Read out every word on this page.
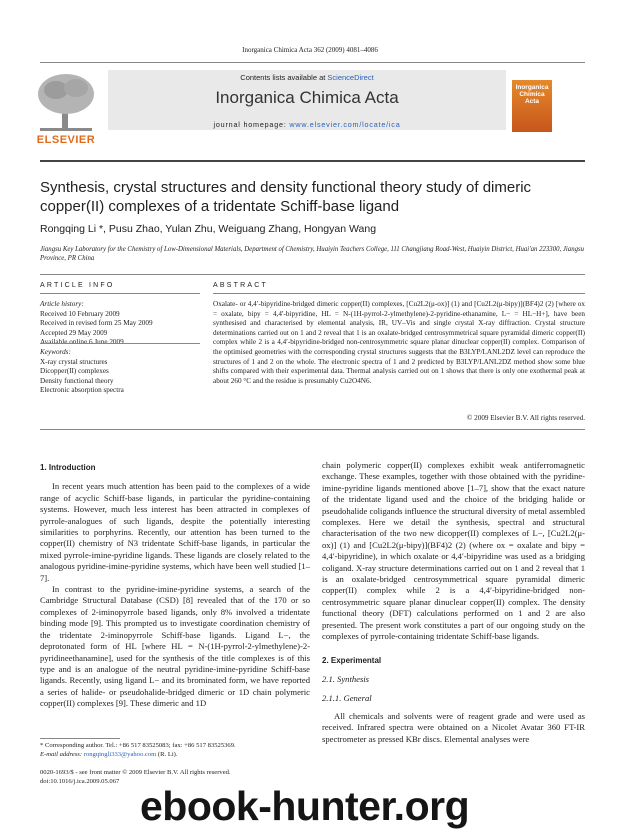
Inorganica Chimica Acta 362 (2009) 4081–4086
ELSEVIER
Contents lists available at ScienceDirect
Inorganica Chimica Acta
journal homepage: www.elsevier.com/locate/ica
Inorganica Chimica Acta
Synthesis, crystal structures and density functional theory study of dimeric copper(II) complexes of a tridentate Schiff-base ligand
Rongqing Li *, Pusu Zhao, Yulan Zhu, Weiguang Zhang, Hongyan Wang
Jiangsu Key Laboratory for the Chemistry of Low-Dimensional Materials, Department of Chemistry, Huaiyin Teachers College, 111 Changjiang Road-West, Huaiyin District, Huai'an 223300, Jiangsu Province, PR China
ARTICLE INFO	ABSTRACT
Article history:
Received 10 February 2009
Received in revised form 25 May 2009
Accepted 29 May 2009
Available online 6 June 2009
Keywords:
X-ray crystal structures
Dicopper(II) complexes
Density functional theory
Electronic absorption spectra
Oxalate- or 4,4′-bipyridine-bridged dimeric copper(II) complexes, [Cu2L2(μ-ox)] (1) and [Cu2L2(μ-bipy)](BF4)2 (2) [where ox = oxalate, bipy = 4,4′-bipyridine, HL = N-(1H-pyrrol-2-ylmethylene)-2-pyridine-ethanamine, L− = HL−H+], have been synthesised and characterised by elemental analysis, IR, UV–Vis and single crystal X-ray diffraction. Crystal structure determinations carried out on 1 and 2 reveal that 1 is an oxalate-bridged centrosymmetrical square pyramidal dimeric copper(II) complex while 2 is a 4,4′-bipyridine-bridged non-centrosymmetric square planar dinuclear copper(II) complex. Comparison of the optimised geometries with the corresponding crystal structures suggests that the B3LYP/LANL2DZ level can reproduce the structures of 1 and 2 on the whole. The electronic spectra of 1 and 2 predicted by B3LYP/LANL2DZ method show some blue shifts compared with their experimental data. Thermal analysis carried out on 1 shows that there is only one exothermal peak at about 260 °C and the residue is presumably Cu2O4N6.
© 2009 Elsevier B.V. All rights reserved.
1. Introduction

In recent years much attention has been paid to the complexes of a wide range of acyclic Schiff-base ligands, in particular the pyridine-containing systems. However, much less interest has been attracted in complexes of pyrrole-analogues of such ligands, despite the potentially interesting similarities to porphyrins. Recently, our attention has been turned to the copper(II) chemistry of N3 tridentate Schiff-base ligands, in particular the mixed pyrrole-imine-pyridine ligands. These ligands are closely related to the analogous pyridine-imine-pyridine systems, which have been well studied [1–7].

In contrast to the pyridine-imine-pyridine systems, a search of the Cambridge Structural Database (CSD) [8] revealed that of the 170 or so complexes of 2-iminopyrrole based ligands, only 8% involved a tridentate binding mode [9]. This prompted us to investigate coordination chemistry of the tridentate 2-iminopyrrole Schiff-base ligands. Ligand L−, the deprotonated form of HL [where HL = N-(1H-pyrrol-2-ylmethylene)-2-pyridineethanamine], used for the synthesis of the title complexes is of this type and is an analogue of the neutral pyridine-imine-pyridine Schiff-base ligands. Recently, using ligand L− and its brominated form, we have reported a series of halide- or pseudohalide-bridged dimeric or 1D chain polymeric copper(II) complexes [9]. These dimeric and 1D

chain polymeric copper(II) complexes exhibit weak antiferromagnetic exchange. These examples, together with those obtained with the pyridine-imine-pyridine ligands mentioned above [1–7], show that the exact nature of the tridentate ligand used and the choice of the bridging halide or pseudohalide coligands influence the structural diversity of metal assembled complexes. Here we detail the synthesis, spectral and structural characterisation of the two new dicopper(II) complexes of L−, [Cu2L2(μ-ox)] (1) and [Cu2L2(μ-bipy)](BF4)2 (2) (where ox = oxalate and bipy = 4,4′-bipyridine), in which oxalate or 4,4′-bipyridine was used as a bridging coligand. X-ray structure determinations carried out on 1 and 2 reveal that 1 is an oxalate-bridged centrosymmetrical square pyramidal dimeric copper(II) complex while 2 is a 4,4′-bipyridine-bridged non-centrosymmetric square planar dinuclear copper(II) complex. The density functional theory (DFT) calculations performed on 1 and 2 are also presented. The present work constitutes a part of our ongoing study on the complexes of pyrrole-containing tridentate Schiff-base ligands.

2. Experimental
2.1. Synthesis
2.1.1. General

All chemicals and solvents were of reagent grade and were used as received. Infrared spectra were obtained on a Nicolet Avatar 360 FT-IR spectrometer as pressed KBr discs. Elemental analyses were

* Corresponding author. Tel.: +86 517 83525083; fax: +86 517 83525369.
E-mail address: rongqingli333@yahoo.com (R. Li).
0020-1693/$ - see front matter © 2009 Elsevier B.V. All rights reserved.
doi:10.1016/j.ica.2009.05.067
ebook-hunter.org
